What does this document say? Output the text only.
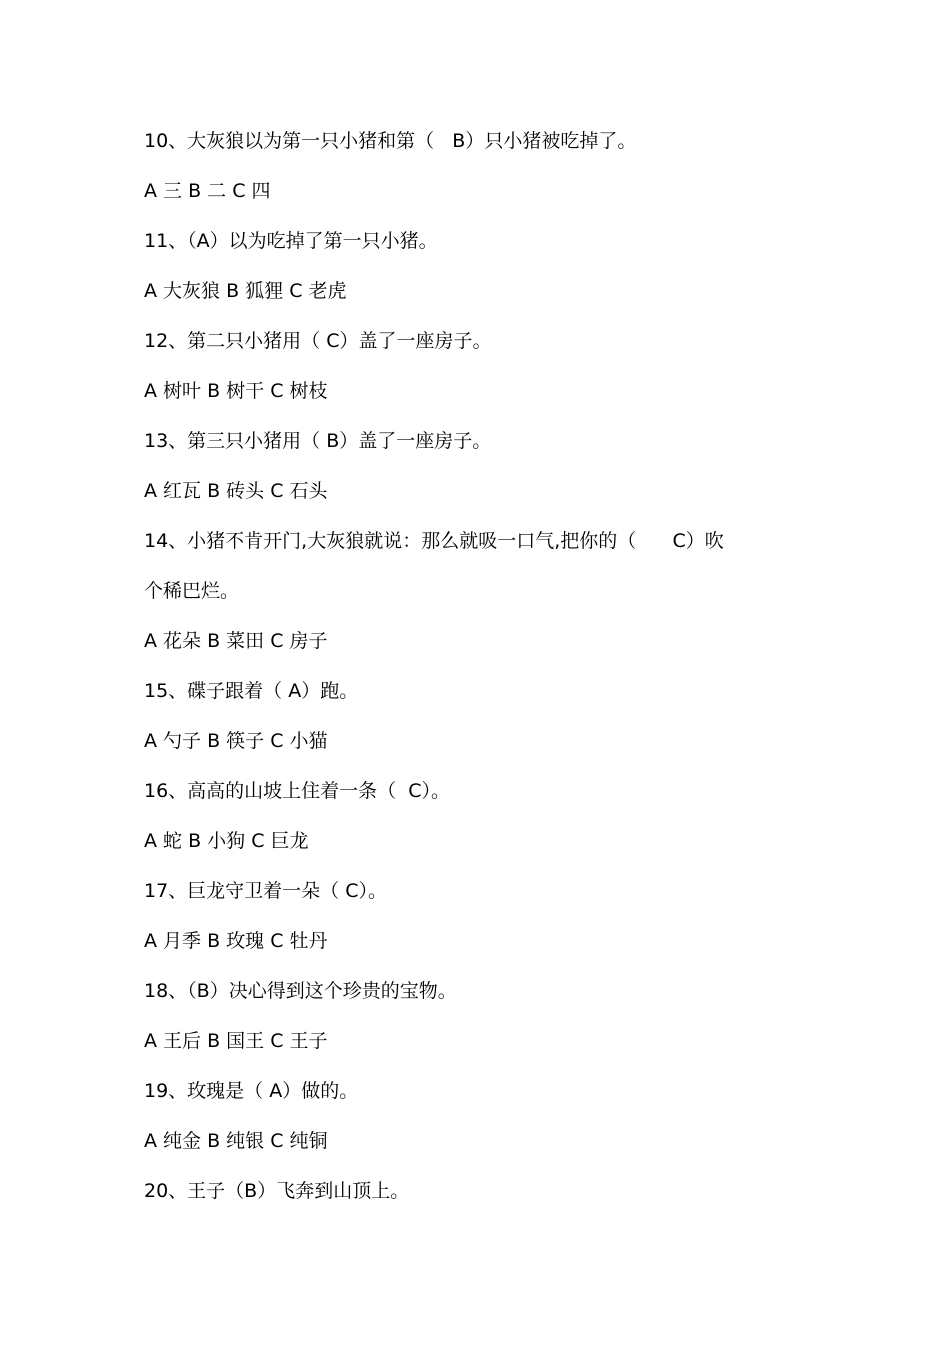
10、大灰狼以为第一只小猪和第（   B）只小猪被吃掉了。
A 三 B 二 C 四
11、（A）以为吃掉了第一只小猪。
A 大灰狼 B 狐狸 C 老虎
12、第二只小猪用（ C）盖了一座房子。
A 树叶 B 树干 C 树枝
13、第三只小猪用（ B）盖了一座房子。
A 红瓦 B 砖头 C 石头
14、小猪不肯开门,大灰狼就说：那么就吸一口气,把你的（      C）吹
个稀巴烂。
A 花朵 B 菜田 C 房子
15、碟子跟着（ A）跑。
A 勺子 B 筷子 C 小猫
16、高高的山坡上住着一条（  C）。
A 蛇 B 小狗 C 巨龙
17、巨龙守卫着一朵（ C）。
A 月季 B 玫瑰 C 牡丹
18、（B）决心得到这个珍贵的宝物。
A 王后 B 国王 C 王子
19、玫瑰是（ A）做的。
A 纯金 B 纯银 C 纯铜
20、王子（B）飞奔到山顶上。
